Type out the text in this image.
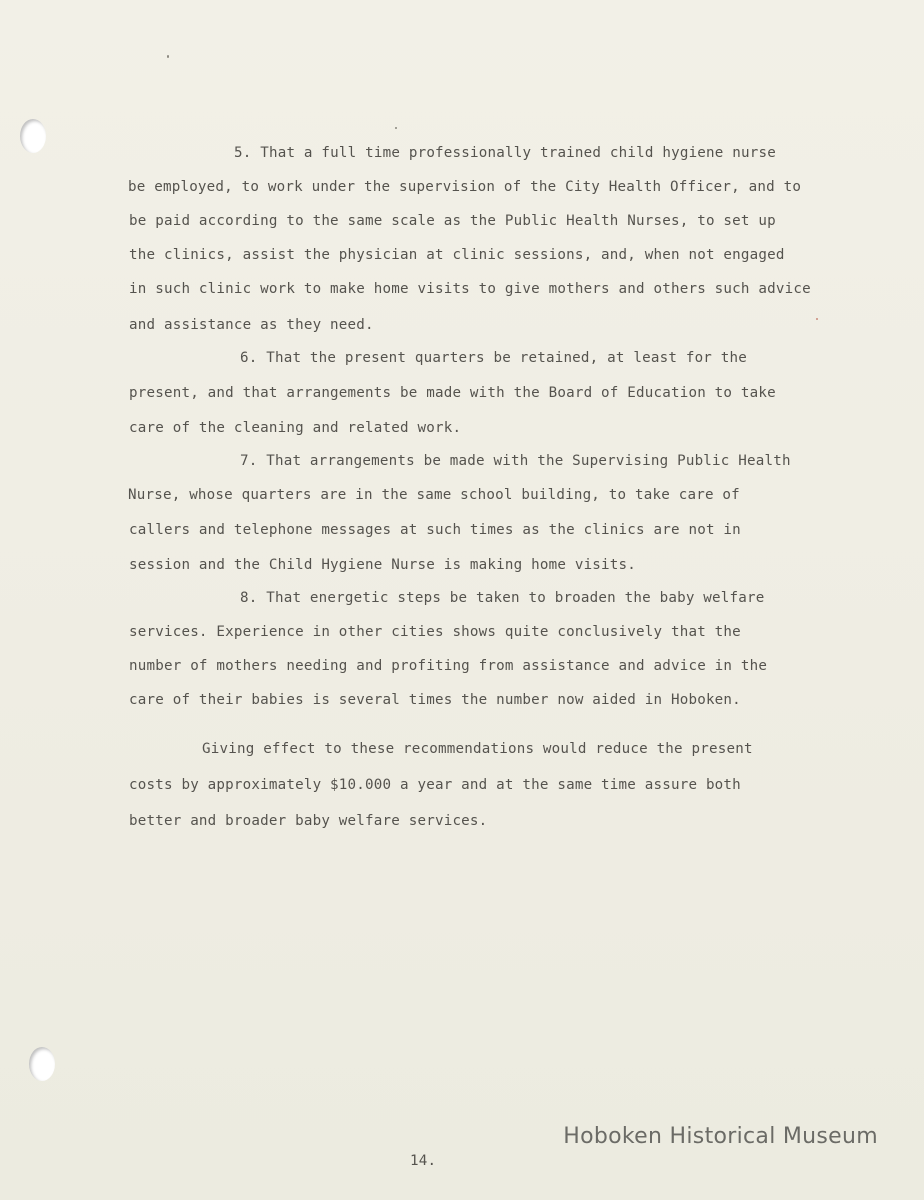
5. That a full time professionally trained child hygiene nurse
be employed, to work under the supervision of the City Health Officer, and to
be paid according to the same scale as the Public Health Nurses, to set up
the clinics, assist the physician at clinic sessions, and, when not engaged
in such clinic work to make home visits to give mothers and others such advice
and assistance as they need.
6. That the present quarters be retained, at least for the
present, and that arrangements be made with the Board of Education to take
care of the cleaning and related work.
7. That arrangements be made with the Supervising Public Health
Nurse, whose quarters are in the same school building, to take care of
callers and telephone messages at such times as the clinics are not in
session and the Child Hygiene Nurse is making home visits.
8. That energetic steps be taken to broaden the baby welfare
services. Experience in other cities shows quite conclusively that the
number of mothers needing and profiting from assistance and advice in the
care of their babies is several times the number now aided in Hoboken.
Giving effect to these recommendations would reduce the present
costs by approximately $10.000 a year and at the same time assure both
better and broader baby welfare services.
14.
Hoboken Historical Museum
